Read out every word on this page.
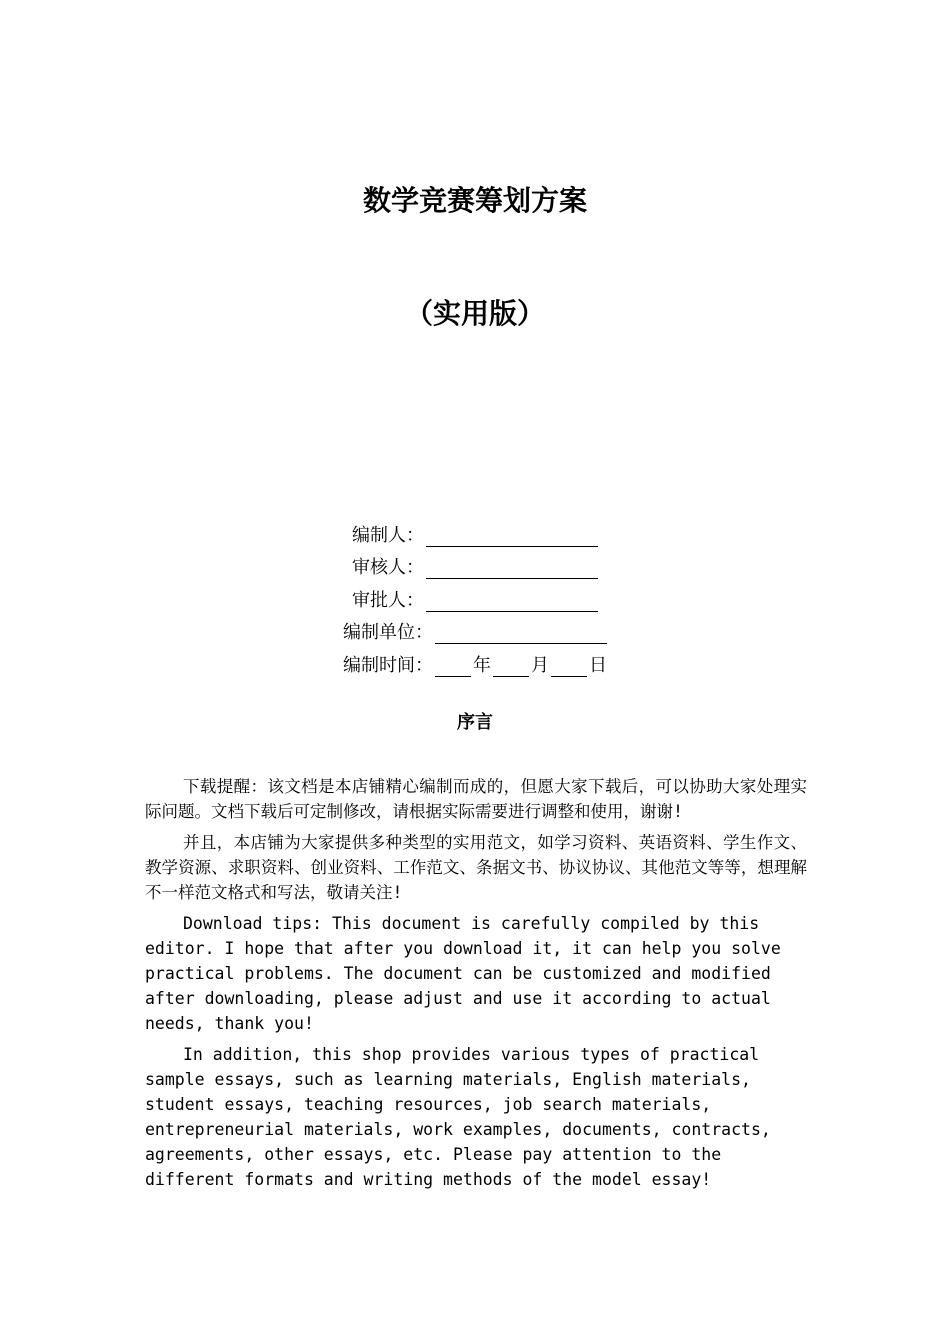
数学竞赛筹划方案
（实用版）
编制人：
审核人：
审批人：
编制单位：
编制时间： 年 月 日
序言

下载提醒：该文档是本店铺精心编制而成的，但愿大家下载后，可以协助大家处理实际问题。文档下载后可定制修改，请根据实际需要进行调整和使用，谢谢!

并且，本店铺为大家提供多种类型的实用范文，如学习资料、英语资料、学生作文、教学资源、求职资料、创业资料、工作范文、条据文书、协议协议、其他范文等等，想理解不一样范文格式和写法，敬请关注!

Download tips: This document is carefully compiled by this editor. I hope that after you download it, it can help you solve practical problems. The document can be customized and modified after downloading, please adjust and use it according to actual needs, thank you!

In addition, this shop provides various types of practical sample essays, such as learning materials, English materials, student essays, teaching resources, job search materials, entrepreneurial materials, work examples, documents, contracts, agreements, other essays, etc. Please pay attention to the different formats and writing methods of the model essay!
